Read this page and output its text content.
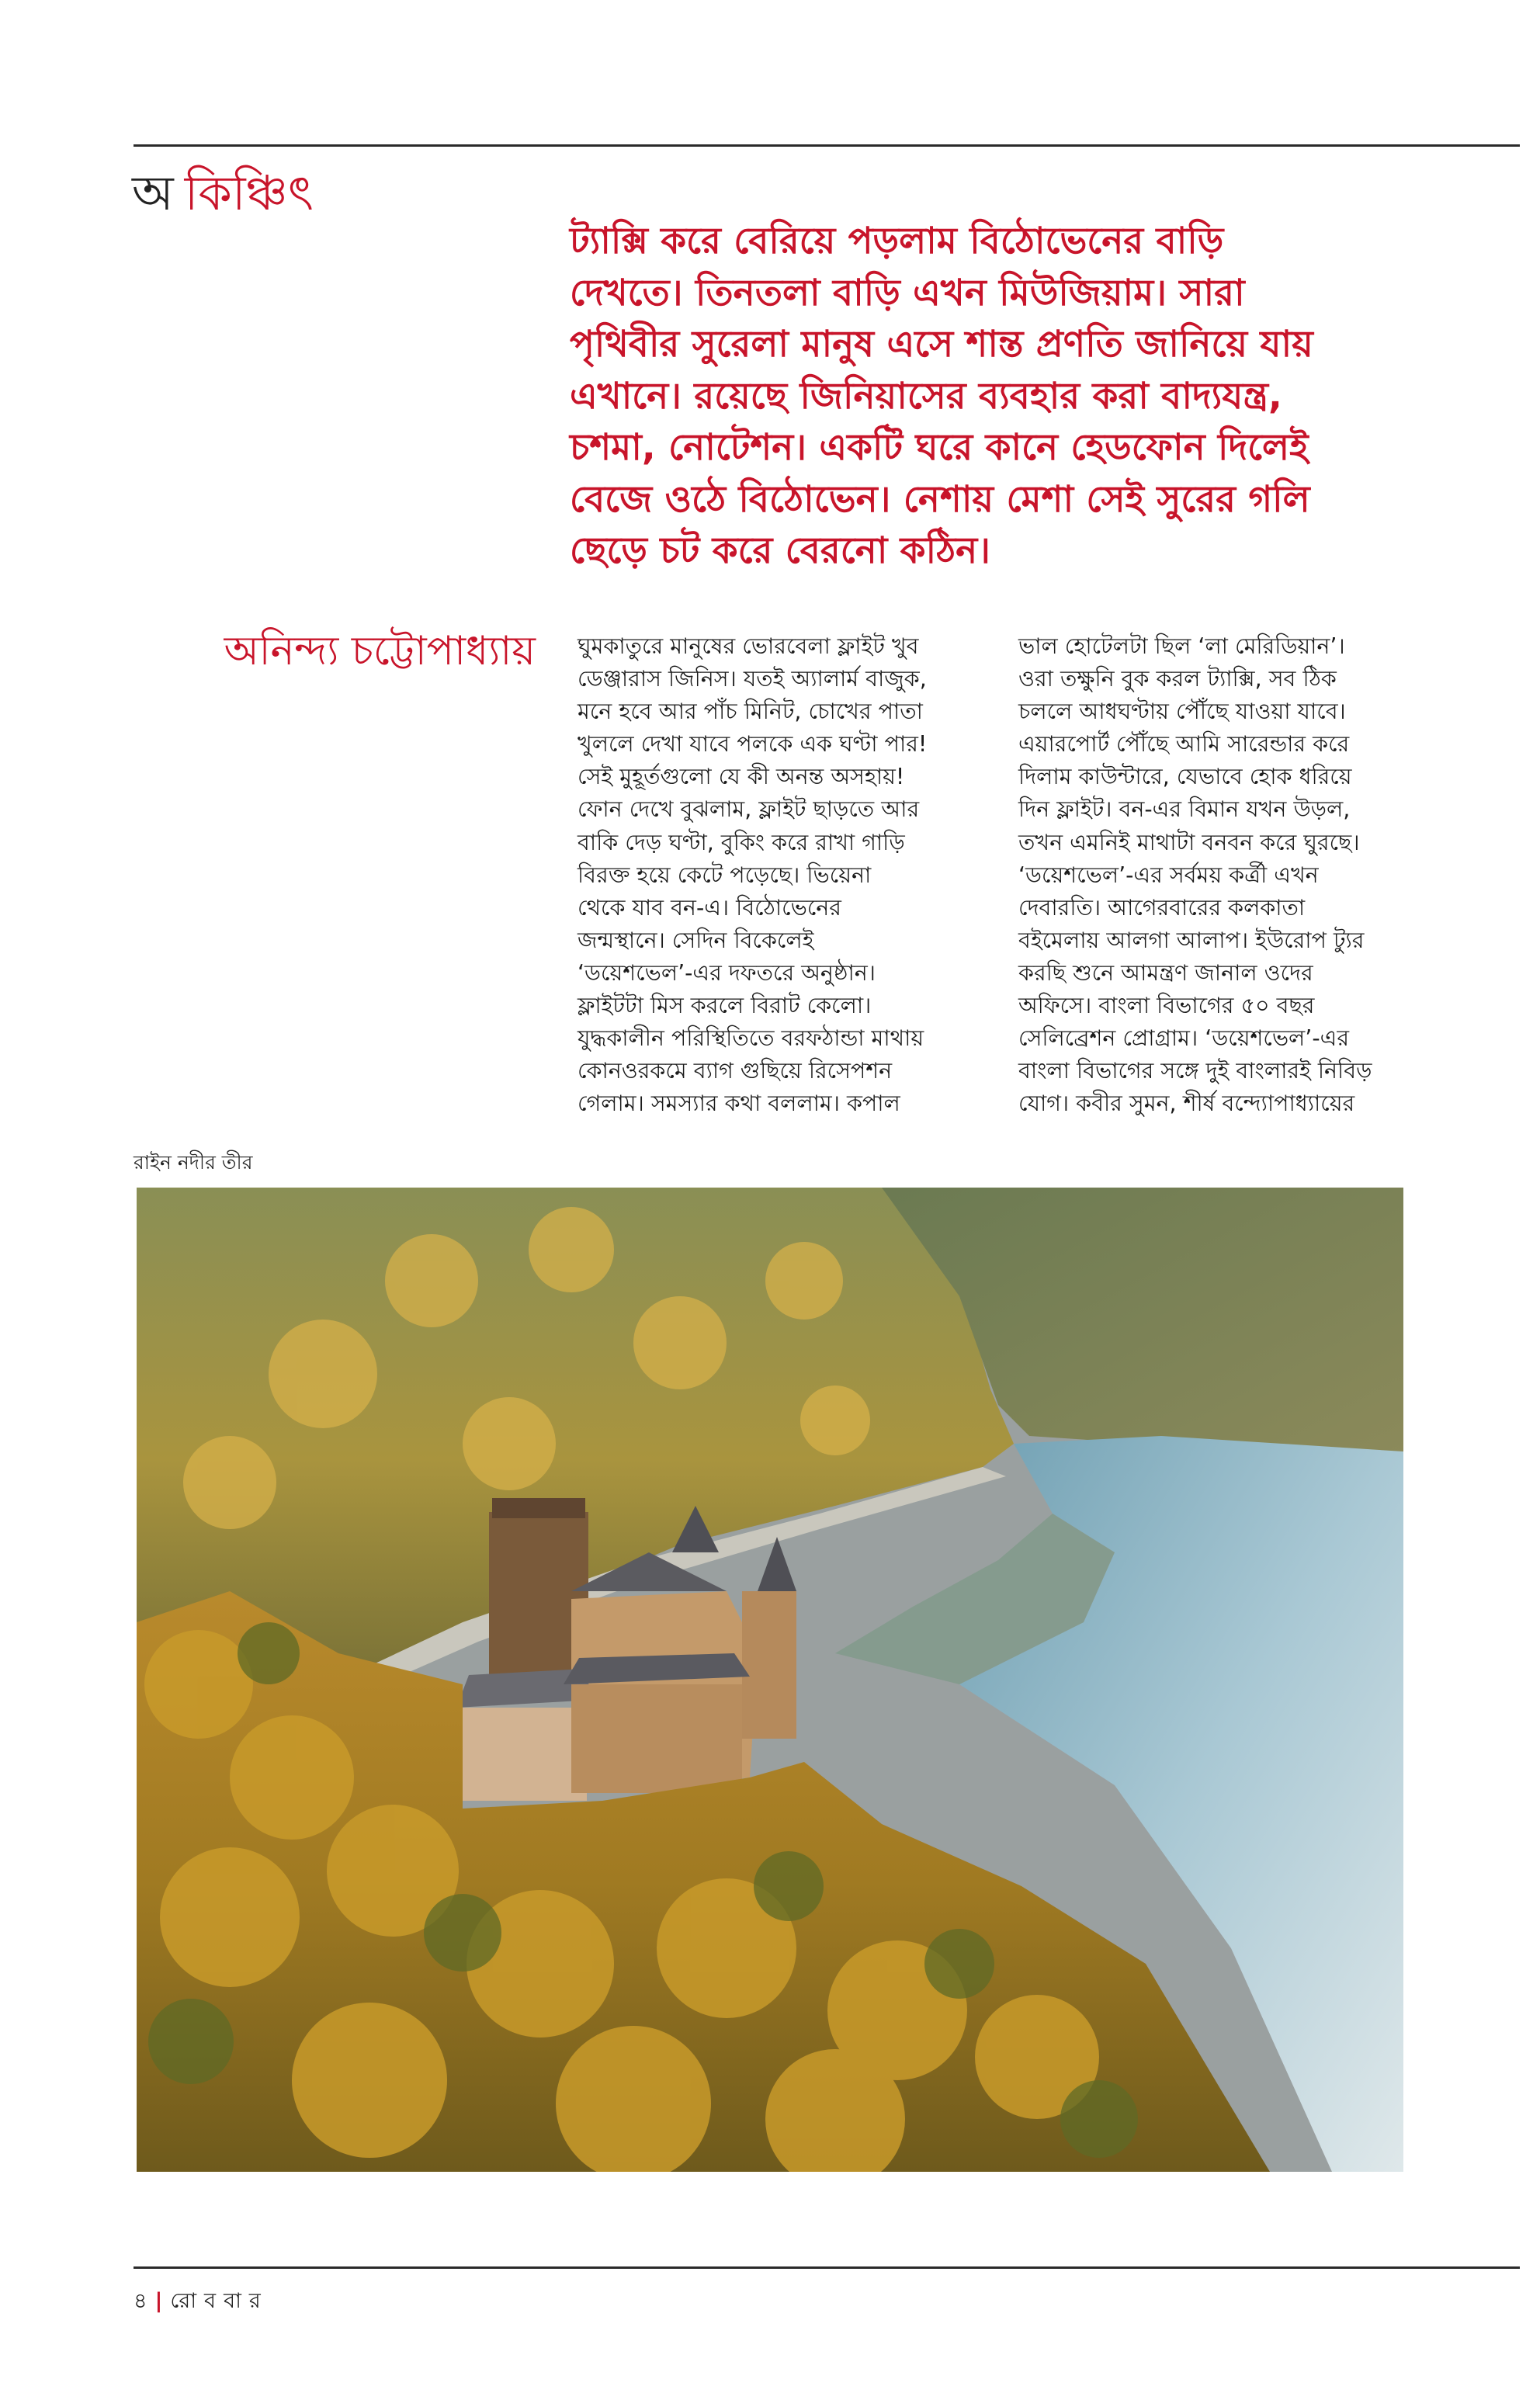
অ কিঞ্চিৎ
ট্যাক্সি করে বেরিয়ে পড়লাম বিঠোভেনের বাড়ি
দেখতে। তিনতলা বাড়ি এখন মিউজিয়াম। সারা
পৃথিবীর সুরেলা মানুষ এসে শান্ত প্রণতি জানিয়ে যায়
এখানে। রয়েছে জিনিয়াসের ব্যবহার করা বাদ্যযন্ত্র,
চশমা, নোটেশন। একটি ঘরে কানে হেডফোন দিলেই
বেজে ওঠে বিঠোভেন। নেশায় মেশা সেই সুরের গলি
ছেড়ে চট করে বেরনো কঠিন।
অনিন্দ্য চট্টোপাধ্যায় ঘুমকাতুরে মানুষের ভোরবেলা ফ্লাইট খুব
ডেঞ্জারাস জিনিস। যতই অ্যালার্ম বাজুক,
মনে হবে আর পাঁচ মিনিট, চোখের পাতা
খুললে দেখা যাবে পলকে এক ঘণ্টা পার!
সেই মুহূর্তগুলো যে কী অনন্ত অসহায়!
ফোন দেখে বুঝলাম, ফ্লাইট ছাড়তে আর
বাকি দেড় ঘণ্টা, বুকিং করে রাখা গাড়ি
বিরক্ত হয়ে কেটে পড়েছে। ভিয়েনা
থেকে যাব বন-এ। বিঠোভেনের
জন্মস্থানে। সেদিন বিকেলেই
‘ডয়েশভেল’-এর দফতরে অনুষ্ঠান।
ফ্লাইটটা মিস করলে বিরাট কেলো।
যুদ্ধকালীন পরিস্থিতিতে বরফঠান্ডা মাথায়
কোনওরকমে ব্যাগ গুছিয়ে রিসেপশন
গেলাম। সমস্যার কথা বললাম। কপাল
ভাল হোটেলটা ছিল ‘লা মেরিডিয়ান’।
ওরা তক্ষুনি বুক করল ট্যাক্সি, সব ঠিক
চললে আধঘণ্টায় পৌঁছে যাওয়া যাবে।
এয়ারপোর্ট পৌঁছে আমি সারেন্ডার করে
দিলাম কাউন্টারে, যেভাবে হোক ধরিয়ে
দিন ফ্লাইট। বন-এর বিমান যখন উড়ল,
তখন এমনিই মাথাটা বনবন করে ঘুরছে।
‘ডয়েশভেল’-এর সর্বময় কর্ত্রী এখন
দেবারতি। আগেরবারের কলকাতা
বইমেলায় আলগা আলাপ। ইউরোপ ট্যুর
করছি শুনে আমন্ত্রণ জানাল ওদের
অফিসে। বাংলা বিভাগের ৫০ বছর
সেলিব্রেশন প্রোগ্রাম। ‘ডয়েশভেল’-এর
বাংলা বিভাগের সঙ্গে দুই বাংলারই নিবিড়
যোগ। কবীর সুমন, শীর্ষ বন্দ্যোপাধ্যায়ের
রাইন নদীর তীর
৪ | রোববার
